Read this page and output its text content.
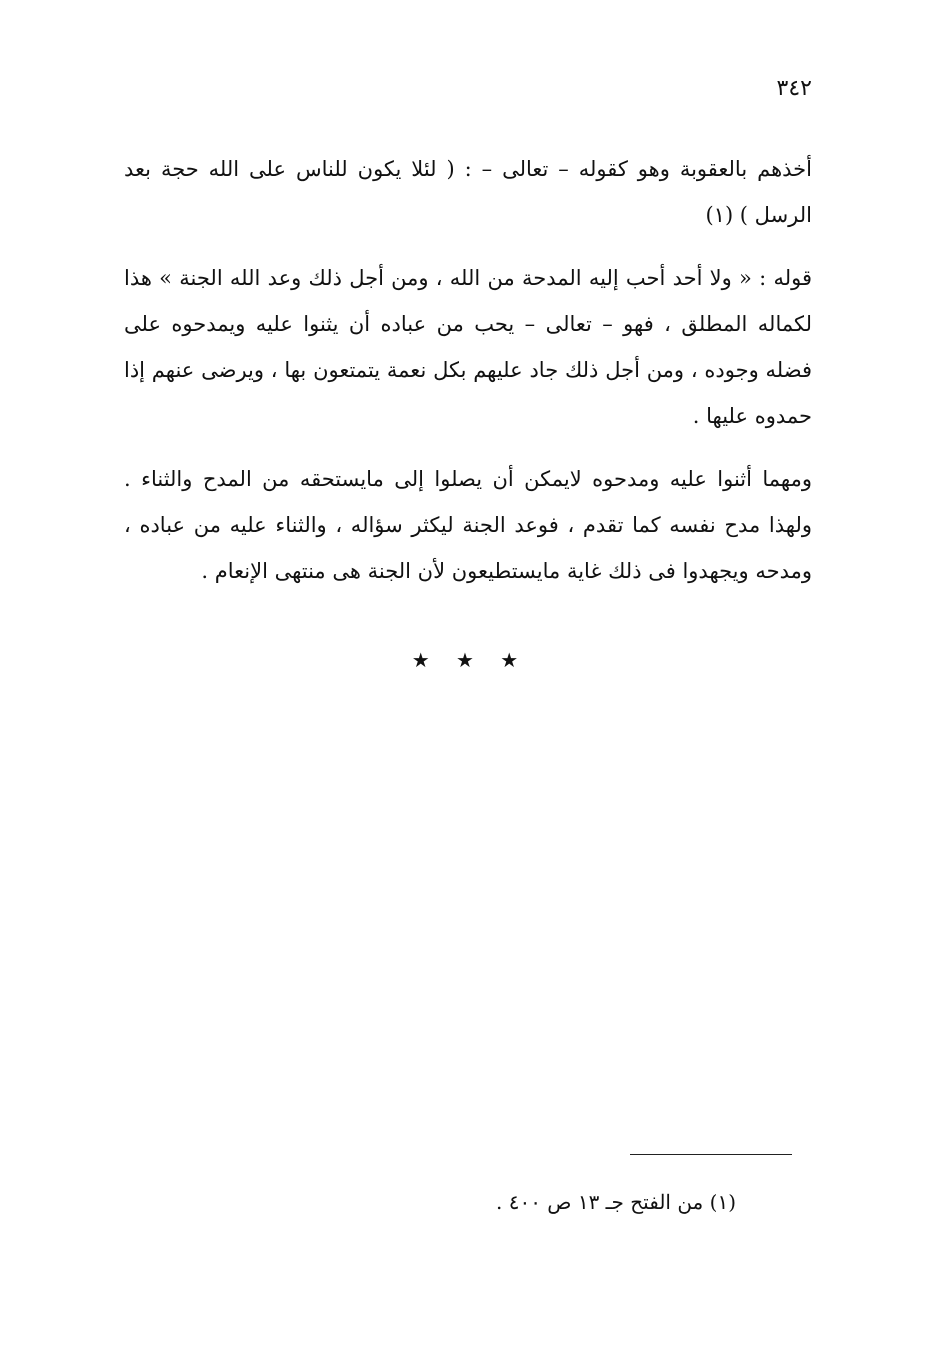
٣٤٢

أخذهم بالعقوبة وهو كقوله – تعالى – : ( لئلا يكون للناس على الله حجة بعد الرسل ) (١)

قوله : « ولا أحد أحب إليه المدحة من الله ، ومن أجل ذلك وعد الله الجنة » هذا لكماله المطلق ، فهو – تعالى – يحب من عباده أن يثنوا عليه ويمدحوه على فضله وجوده ، ومن أجل ذلك جاد عليهم بكل نعمة يتمتعون بها ، ويرضى عنهم إذا حمدوه عليها .

ومهما أثنوا عليه ومدحوه لايمكن أن يصلوا إلى مايستحقه من المدح والثناء . ولهذا مدح نفسه كما تقدم ، فوعد الجنة ليكثر سؤاله ، والثناء عليه من عباده ، ومدحه ويجهدوا فى ذلك غاية مايستطيعون لأن الجنة هى منتهى الإنعام .

★ ★ ★
(١) من الفتح جـ ١٣ ص ٤٠٠ .
